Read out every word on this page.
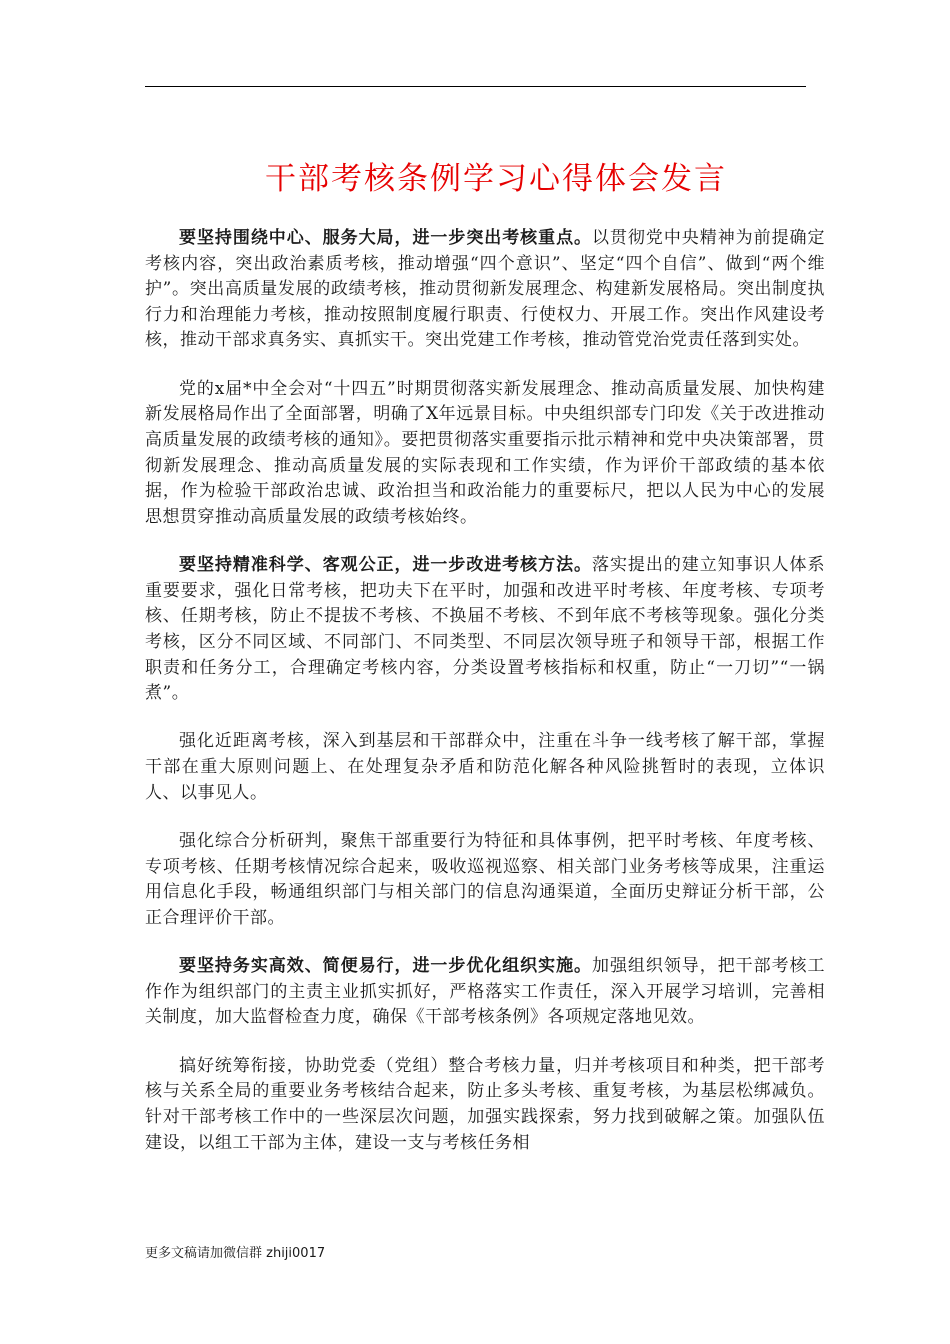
干部考核条例学习心得体会发言

要坚持围绕中心、服务大局，进一步突出考核重点。以贯彻党中央精神为前提确定考核内容，突出政治素质考核，推动增强“四个意识”、坚定“四个自信”、做到“两个维护”。突出高质量发展的政绩考核，推动贯彻新发展理念、构建新发展格局。突出制度执行力和治理能力考核，推动按照制度履行职责、行使权力、开展工作。突出作风建设考核，推动干部求真务实、真抓实干。突出党建工作考核，推动管党治党责任落到实处。

党的x届*中全会对“十四五”时期贯彻落实新发展理念、推动高质量发展、加快构建新发展格局作出了全面部署，明确了X年远景目标。中央组织部专门印发《关于改进推动高质量发展的政绩考核的通知》。要把贯彻落实重要指示批示精神和党中央决策部署，贯彻新发展理念、推动高质量发展的实际表现和工作实绩，作为评价干部政绩的基本依据，作为检验干部政治忠诚、政治担当和政治能力的重要标尺，把以人民为中心的发展思想贯穿推动高质量发展的政绩考核始终。

要坚持精准科学、客观公正，进一步改进考核方法。落实提出的建立知事识人体系重要要求，强化日常考核，把功夫下在平时，加强和改进平时考核、年度考核、专项考核、任期考核，防止不提拔不考核、不换届不考核、不到年底不考核等现象。强化分类考核，区分不同区域、不同部门、不同类型、不同层次领导班子和领导干部，根据工作职责和任务分工，合理确定考核内容，分类设置考核指标和权重，防止“一刀切”“一锅煮”。

强化近距离考核，深入到基层和干部群众中，注重在斗争一线考核了解干部，掌握干部在重大原则问题上、在处理复杂矛盾和防范化解各种风险挑暂时的表现，立体识人、以事见人。

强化综合分析研判，聚焦干部重要行为特征和具体事例，把平时考核、年度考核、专项考核、任期考核情况综合起来，吸收巡视巡察、相关部门业务考核等成果，注重运用信息化手段，畅通组织部门与相关部门的信息沟通渠道，全面历史辩证分析干部，公正合理评价干部。

要坚持务实高效、简便易行，进一步优化组织实施。加强组织领导，把干部考核工作作为组织部门的主责主业抓实抓好，严格落实工作责任，深入开展学习培训，完善相关制度，加大监督检查力度，确保《干部考核条例》各项规定落地见效。

搞好统筹衔接，协助党委（党组）整合考核力量，归并考核项目和种类，把干部考核与关系全局的重要业务考核结合起来，防止多头考核、重复考核，为基层松绑减负。针对干部考核工作中的一些深层次问题，加强实践探索，努力找到破解之策。加强队伍建设，以组工干部为主体，建设一支与考核任务相

更多文稿请加微信群 zhiji0017
